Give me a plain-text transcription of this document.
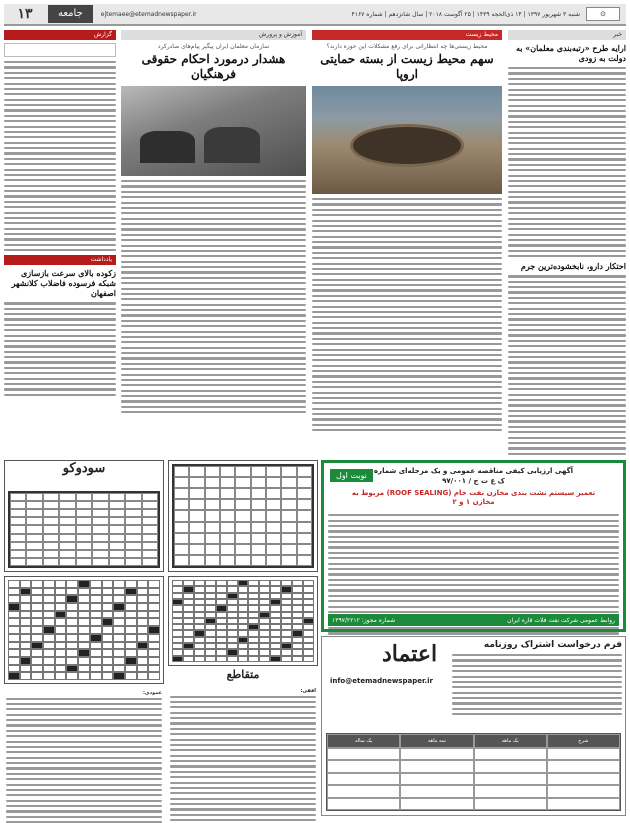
⊙
شنبه ۳ شهریور ۱۳۹۷ | ۱۴ ذی‌الحجه ۱۴۳۹ | ۲۵ آگوست ۲۰۱۸ | سال شانزدهم | شماره ۴۱۶۷
ejtemaee@etemadnewspaper.ir
جامعه
۱۳
خبر
ارایه طرح «رتبه‌بندی معلمان» به دولت به زودی
احتکار دارو، نابخشوده‌ترین جرم
محیط زیست
محیط زیستی‌ها چه انتظاراتی برای رفع مشکلات این حوزه دارند؟
سهم محیط زیست از بسته حمایتی اروپا
آموزش و پرورش
سازمان معلمان ایران پیگیر پیام‌های صادرکرد
هشدار درمورد احکام حقوقی فرهنگیان
گزارش
یادداشت
زکوده بالای سرعت بازسازی شبکه فرسوده فاضلاب کلانشهر اصفهان
سودوکو
عمودی:
متقاطع
افقی:
نوبت اول	آگهی ارزیابی کیفی مناقصه عمومی و یک مرحله‌ای شماره ک ع ت ج / ۹۷/۰۰۱
تعمیر سیستم نشت بندی مخازن نفت خام (ROOF SEALING) مربوط به مخازن ۱ و ۲
روابط عمومی شرکت نفت فلات قاره ایران
شماره مجوز: ۱۳۹۷/۲۲۱۲
فرم درخواست اشتراک روزنامه
اعتماد
info@etemadnewspaper.ir
شرح
یک ماهه
سه ماهه
یک ساله
